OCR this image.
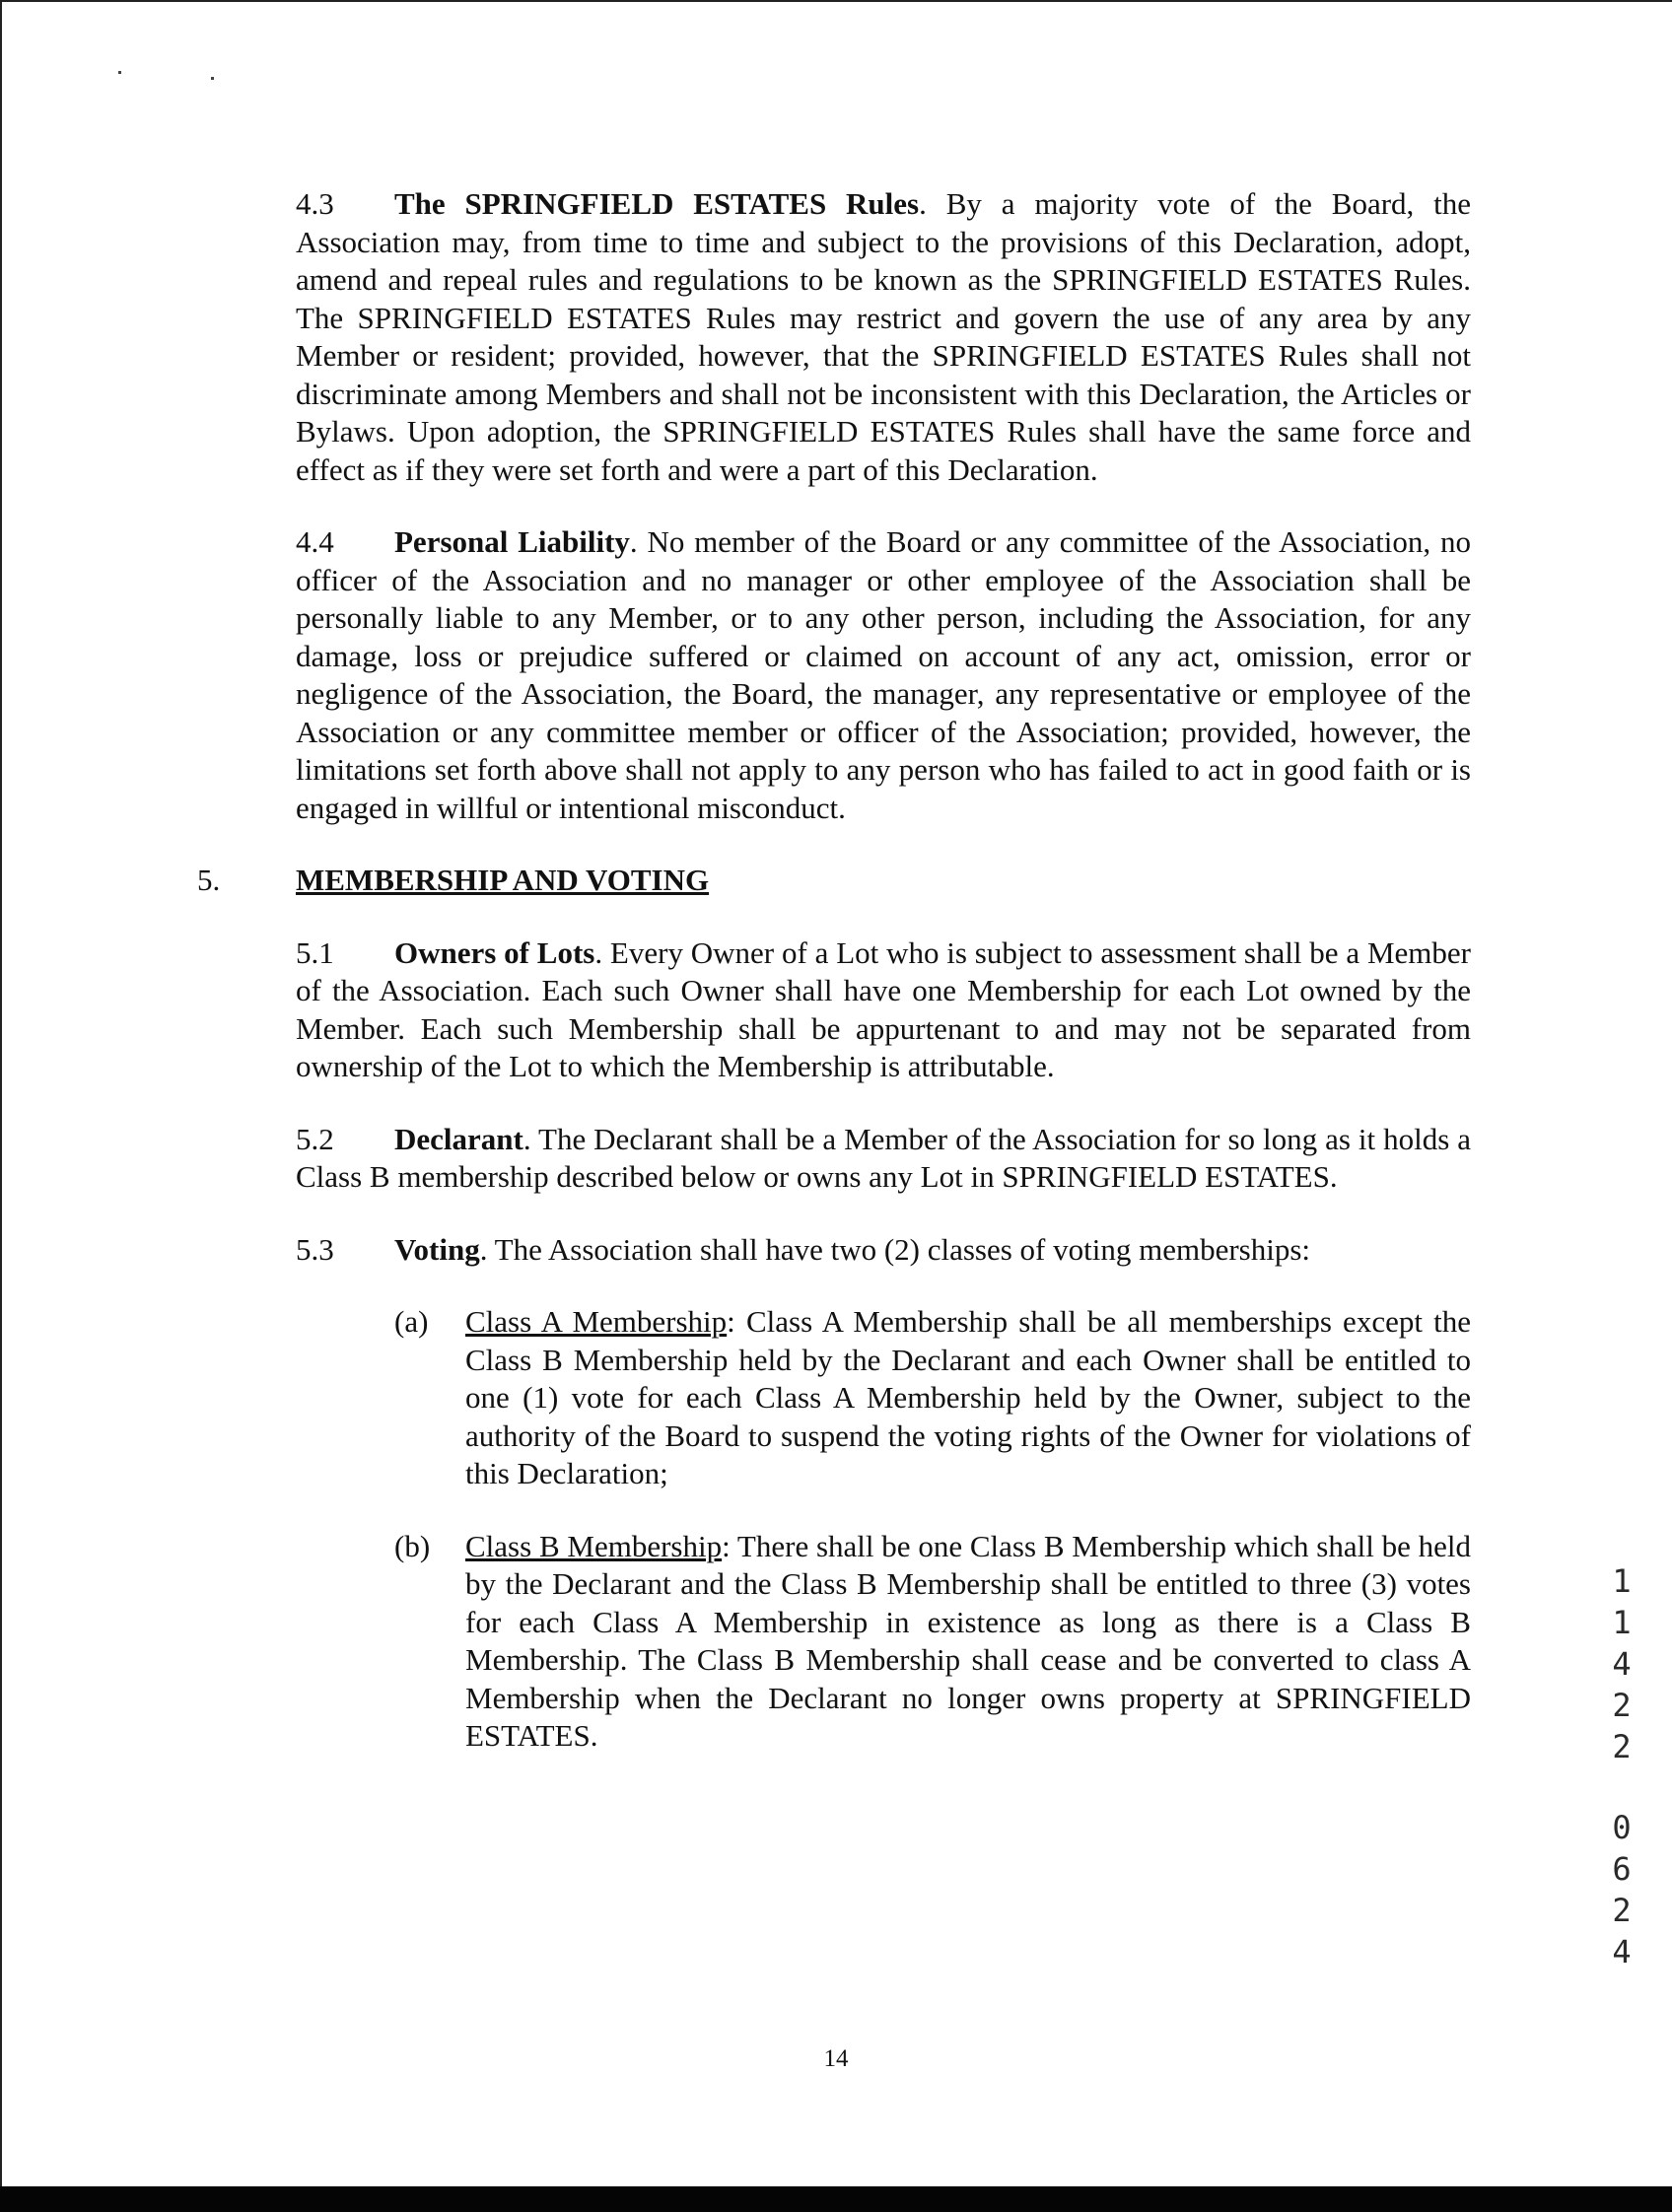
4.3 The SPRINGFIELD ESTATES Rules. By a majority vote of the Board, the Association may, from time to time and subject to the provisions of this Declaration, adopt, amend and repeal rules and regulations to be known as the SPRINGFIELD ESTATES Rules. The SPRINGFIELD ESTATES Rules may restrict and govern the use of any area by any Member or resident; provided, however, that the SPRINGFIELD ESTATES Rules shall not discriminate among Members and shall not be inconsistent with this Declaration, the Articles or Bylaws. Upon adoption, the SPRINGFIELD ESTATES Rules shall have the same force and effect as if they were set forth and were a part of this Declaration.

4.4 Personal Liability. No member of the Board or any committee of the Association, no officer of the Association and no manager or other employee of the Association shall be personally liable to any Member, or to any other person, including the Association, for any damage, loss or prejudice suffered or claimed on account of any act, omission, error or negligence of the Association, the Board, the manager, any representative or employee of the Association or any committee member or officer of the Association; provided, however, the limitations set forth above shall not apply to any person who has failed to act in good faith or is engaged in willful or intentional misconduct.

5. MEMBERSHIP AND VOTING

5.1 Owners of Lots. Every Owner of a Lot who is subject to assessment shall be a Member of the Association. Each such Owner shall have one Membership for each Lot owned by the Member. Each such Membership shall be appurtenant to and may not be separated from ownership of the Lot to which the Membership is attributable.

5.2 Declarant. The Declarant shall be a Member of the Association for so long as it holds a Class B membership described below or owns any Lot in SPRINGFIELD ESTATES.

5.3 Voting. The Association shall have two (2) classes of voting memberships:

(a) Class A Membership: Class A Membership shall be all memberships except the Class B Membership held by the Declarant and each Owner shall be entitled to one (1) vote for each Class A Membership held by the Owner, subject to the authority of the Board to suspend the voting rights of the Owner for violations of this Declaration;
(b) Class B Membership: There shall be one Class B Membership which shall be held by the Declarant and the Class B Membership shall be entitled to three (3) votes for each Class A Membership in existence as long as there is a Class B Membership. The Class B Membership shall cease and be converted to class A Membership when the Declarant no longer owns property at SPRINGFIELD ESTATES.
1
1
4
2
2
0
6
2
4
14
